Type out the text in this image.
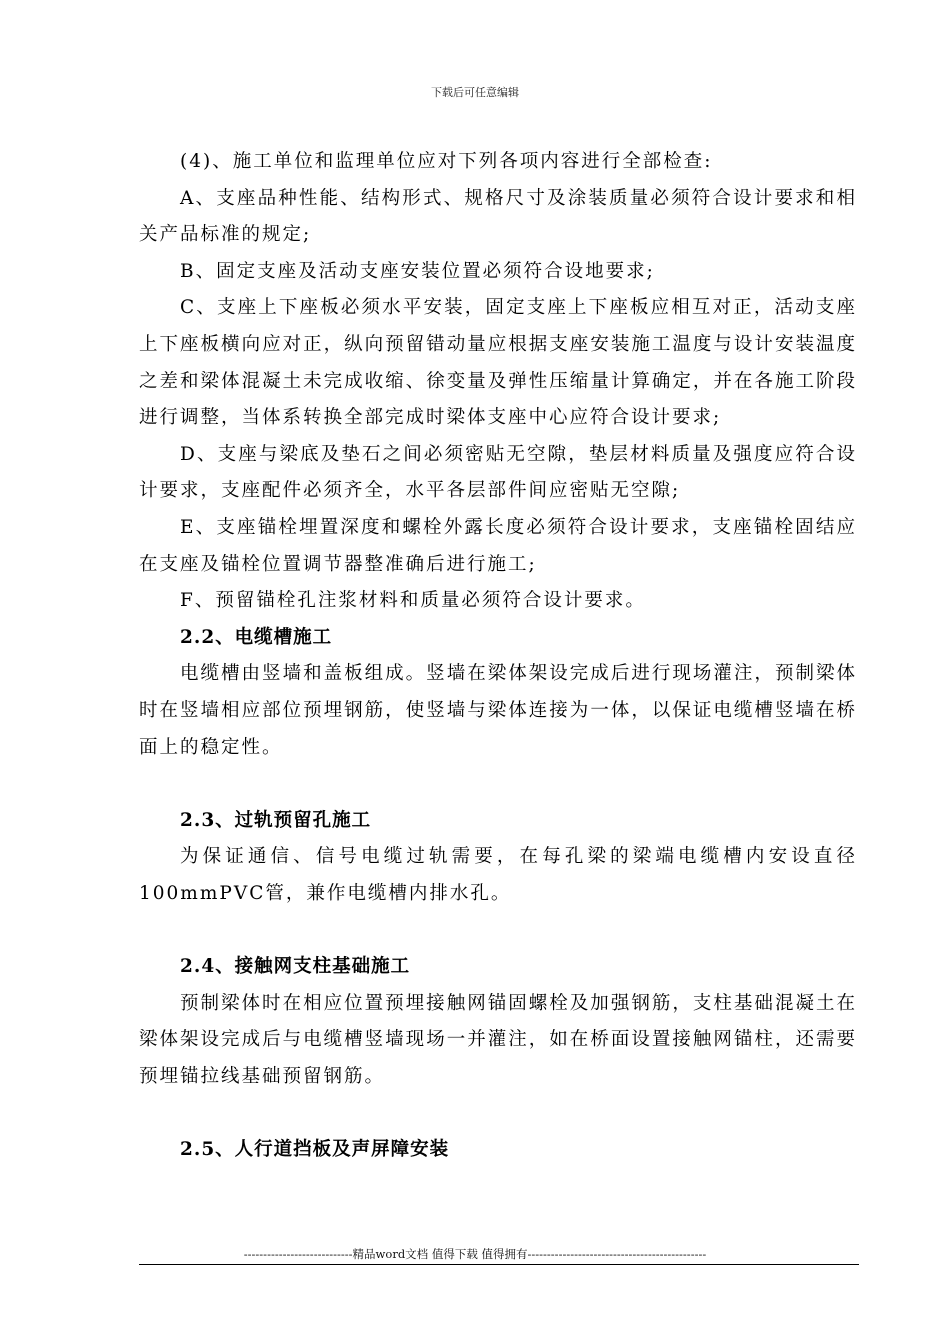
下载后可任意编辑

(4)、施工单位和监理单位应对下列各项内容进行全部检查:

A、支座品种性能、结构形式、规格尺寸及涂装质量必须符合设计要求和相关产品标准的规定;

B、固定支座及活动支座安装位置必须符合设地要求;

C、支座上下座板必须水平安装，固定支座上下座板应相互对正，活动支座上下座板横向应对正，纵向预留错动量应根据支座安装施工温度与设计安装温度之差和梁体混凝土未完成收缩、徐变量及弹性压缩量计算确定，并在各施工阶段进行调整，当体系转换全部完成时梁体支座中心应符合设计要求;

D、支座与梁底及垫石之间必须密贴无空隙，垫层材料质量及强度应符合设计要求，支座配件必须齐全，水平各层部件间应密贴无空隙;

E、支座锚栓埋置深度和螺栓外露长度必须符合设计要求，支座锚栓固结应在支座及锚栓位置调节器整准确后进行施工;

F、预留锚栓孔注浆材料和质量必须符合设计要求。

2.2、电缆槽施工

电缆槽由竖墙和盖板组成。竖墙在梁体架设完成后进行现场灌注，预制梁体时在竖墙相应部位预埋钢筋，使竖墙与梁体连接为一体，以保证电缆槽竖墙在桥面上的稳定性。

2.3、过轨预留孔施工

为保证通信、信号电缆过轨需要，在每孔梁的梁端电缆槽内安设直径100mmPVC管，兼作电缆槽内排水孔。

2.4、接触网支柱基础施工

预制梁体时在相应位置预埋接触网锚固螺栓及加强钢筋，支柱基础混凝土在梁体架设完成后与电缆槽竖墙现场一并灌注，如在桥面设置接触网锚柱，还需要预埋锚拉线基础预留钢筋。

2.5、人行道挡板及声屏障安装

----------------------------精品word文档 值得下载 值得拥有----------------------------------------------
